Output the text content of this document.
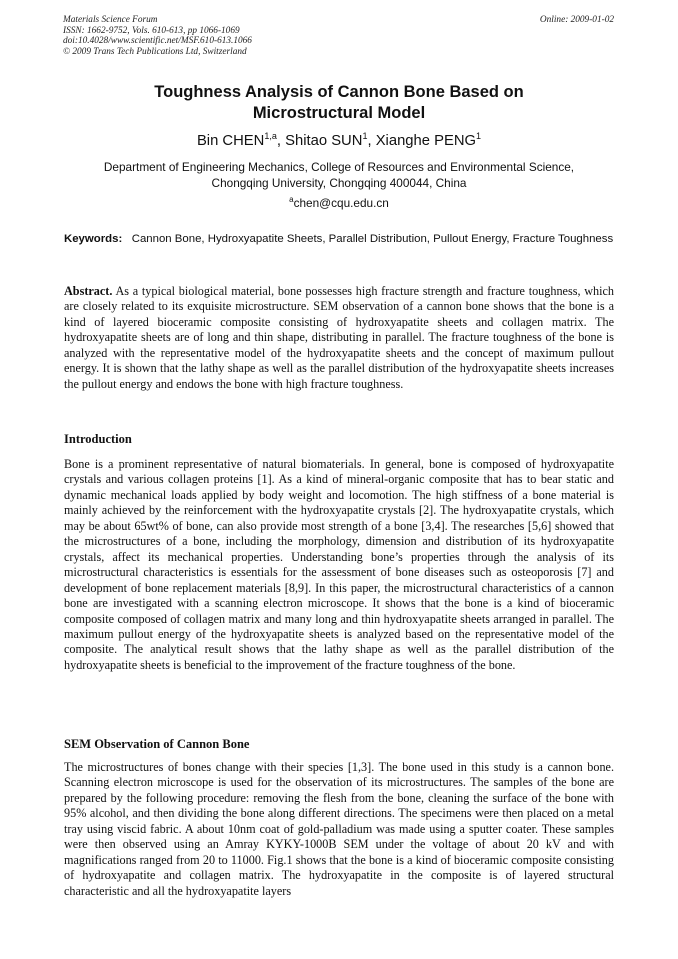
Materials Science Forum
ISSN: 1662-9752, Vols. 610-613, pp 1066-1069
doi:10.4028/www.scientific.net/MSF.610-613.1066
© 2009 Trans Tech Publications Ltd, Switzerland
Online: 2009-01-02
Toughness Analysis of Cannon Bone Based on
Microstructural Model
Bin CHEN$^{1,a}$, Shitao SUN$^1$, Xianghe PENG$^1$
Department of Engineering Mechanics, College of Resources and Environmental Science,
Chongqing University, Chongqing 400044, China
$^a$chen@cqu.edu.cn
Keywords: Cannon Bone, Hydroxyapatite Sheets, Parallel Distribution, Pullout Energy, Fracture Toughness
Abstract. As a typical biological material, bone possesses high fracture strength and fracture toughness, which are closely related to its exquisite microstructure. SEM observation of a cannon bone shows that the bone is a kind of layered bioceramic composite consisting of hydroxyapatite sheets and collagen matrix. The hydroxyapatite sheets are of long and thin shape, distributing in parallel. The fracture toughness of the bone is analyzed with the representative model of the hydroxyapatite sheets and the concept of maximum pullout energy. It is shown that the lathy shape as well as the parallel distribution of the hydroxyapatite sheets increases the pullout energy and endows the bone with high fracture toughness.
Introduction
Bone is a prominent representative of natural biomaterials. In general, bone is composed of hydroxyapatite crystals and various collagen proteins [1]. As a kind of mineral-organic composite that has to bear static and dynamic mechanical loads applied by body weight and locomotion. The high stiffness of a bone material is mainly achieved by the reinforcement with the hydroxyapatite crystals [2]. The hydroxyapatite crystals, which may be about 65wt% of bone, can also provide most strength of a bone [3,4]. The researches [5,6] showed that the microstructures of a bone, including the morphology, dimension and distribution of its hydroxyapatite crystals, affect its mechanical properties. Understanding bone’s properties through the analysis of its microstructural characteristics is essentials for the assessment of bone diseases such as osteoporosis [7] and development of bone replacement materials [8,9]. In this paper, the microstructural characteristics of a cannon bone are investigated with a scanning electron microscope. It shows that the bone is a kind of bioceramic composite composed of collagen matrix and many long and thin hydroxyapatite sheets arranged in parallel. The maximum pullout energy of the hydroxyapatite sheets is analyzed based on the representative model of the composite. The analytical result shows that the lathy shape as well as the parallel distribution of the hydroxyapatite sheets is beneficial to the improvement of the fracture toughness of the bone.
SEM Observation of Cannon Bone
The microstructures of bones change with their species [1,3]. The bone used in this study is a cannon bone. Scanning electron microscope is used for the observation of its microstructures. The samples of the bone are prepared by the following procedure: removing the flesh from the bone, cleaning the surface of the bone with 95% alcohol, and then dividing the bone along different directions. The specimens were then placed on a metal tray using viscid fabric. A about 10nm coat of gold-palladium was made using a sputter coater. These samples were then observed using an Amray KYKY-1000B SEM under the voltage of about 20 kV and with magnifications ranged from 20 to 11000. Fig.1 shows that the bone is a kind of bioceramic composite consisting of hydroxyapatite and collagen matrix. The hydroxyapatite in the composite is of layered structural characteristic and all the hydroxyapatite layers
